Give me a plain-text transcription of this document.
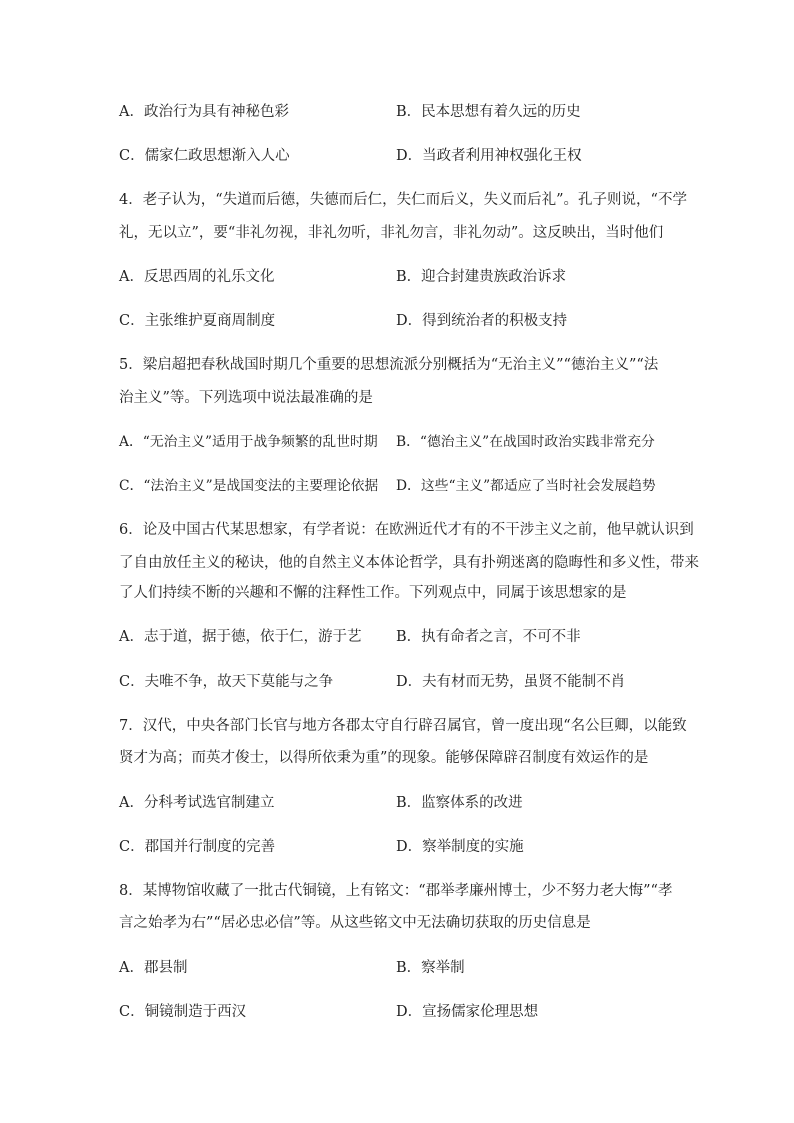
A．政治行为具有神秘色彩	B．民本思想有着久远的历史
C．儒家仁政思想渐入人心	D．当政者利用神权强化王权
4．老子认为，“失道而后德，失德而后仁，失仁而后义，失义而后礼”。孔子则说，“不学
礼，无以立”，要“非礼勿视，非礼勿听，非礼勿言，非礼勿动”。这反映出，当时他们
A．反思西周的礼乐文化	B．迎合封建贵族政治诉求
C．主张维护夏商周制度	D．得到统治者的积极支持
5．梁启超把春秋战国时期几个重要的思想流派分别概括为“无治主义”“德治主义”“法
治主义”等。下列选项中说法最准确的是
A．“无治主义”适用于战争频繁的乱世时期 B．“德治主义”在战国时政治实践非常充分
C．“法治主义”是战国变法的主要理论依据 D．这些“主义”都适应了当时社会发展趋势
6．论及中国古代某思想家，有学者说：在欧洲近代才有的不干涉主义之前，他早就认识到
了自由放任主义的秘诀，他的自然主义本体论哲学，具有扑朔迷离的隐晦性和多义性，带来
了人们持续不断的兴趣和不懈的注释性工作。下列观点中，同属于该思想家的是
A．志于道，据于德，依于仁，游于艺 B．执有命者之言，不可不非
C．夫唯不争，故天下莫能与之争	D．夫有材而无势，虽贤不能制不肖
7．汉代，中央各部门长官与地方各郡太守自行辟召属官，曾一度出现“名公巨卿，以能致
贤才为高；而英才俊士，以得所依秉为重”的现象。能够保障辟召制度有效运作的是
A．分科考试选官制建立	B．监察体系的改进
C．郡国并行制度的完善	D．察举制度的实施
8．某博物馆收藏了一批古代铜镜，上有铭文：“郡举孝廉州博士，少不努力老大悔”“孝
言之始孝为右”“居必忠必信”等。从这些铭文中无法确切获取的历史信息是
A．郡县制	B．察举制
C．铜镜制造于西汉	D．宣扬儒家伦理思想
